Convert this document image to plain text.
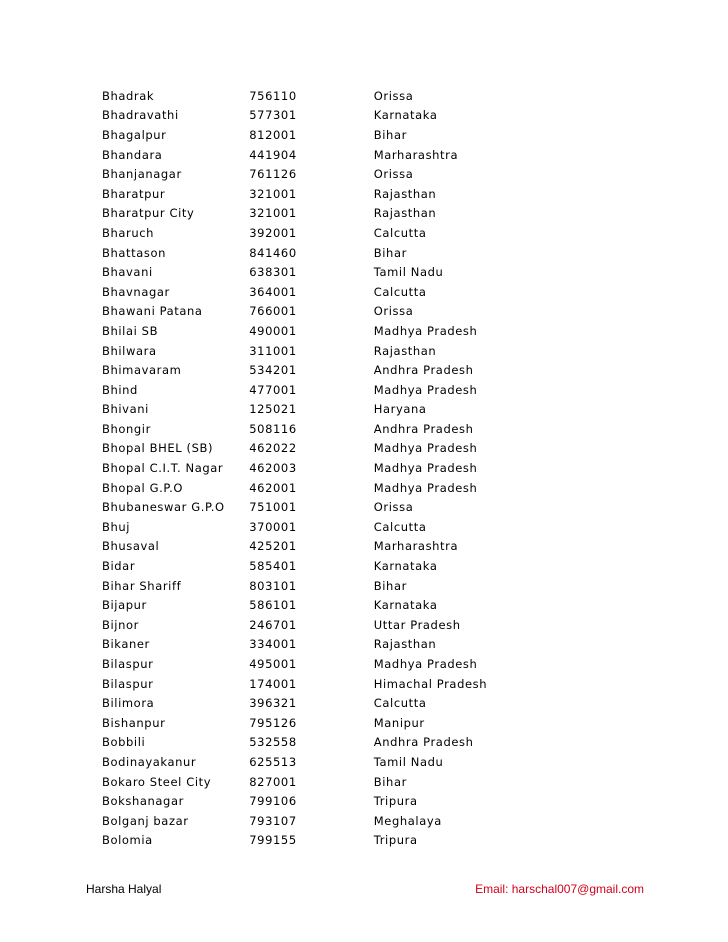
Bhadrak	756110	Orissa
Bhadravathi	577301	Karnataka
Bhagalpur	812001	Bihar
Bhandara	441904	Marharashtra
Bhanjanagar	761126	Orissa
Bharatpur	321001	Rajasthan
Bharatpur City	321001	Rajasthan
Bharuch	392001	Calcutta
Bhattason	841460	Bihar
Bhavani	638301	Tamil Nadu
Bhavnagar	364001	Calcutta
Bhawani Patana	766001	Orissa
Bhilai SB	490001	Madhya Pradesh
Bhilwara	311001	Rajasthan
Bhimavaram	534201	Andhra Pradesh
Bhind	477001	Madhya Pradesh
Bhivani	125021	Haryana
Bhongir	508116	Andhra Pradesh
Bhopal BHEL (SB)	462022	Madhya Pradesh
Bhopal C.I.T. Nagar	462003	Madhya Pradesh
Bhopal G.P.O	462001	Madhya Pradesh
Bhubaneswar G.P.O	751001	Orissa
Bhuj	370001	Calcutta
Bhusaval	425201	Marharashtra
Bidar	585401	Karnataka
Bihar Shariff	803101	Bihar
Bijapur	586101	Karnataka
Bijnor	246701	Uttar Pradesh
Bikaner	334001	Rajasthan
Bilaspur	495001	Madhya Pradesh
Bilaspur	174001	Himachal Pradesh
Bilimora	396321	Calcutta
Bishanpur	795126	Manipur
Bobbili	532558	Andhra Pradesh
Bodinayakanur	625513	Tamil Nadu
Bokaro Steel City	827001	Bihar
Bokshanagar	799106	Tripura
Bolganj bazar	793107	Meghalaya
Bolomia	799155	Tripura
Harsha Halyal	Email: harschal007@gmail.com
